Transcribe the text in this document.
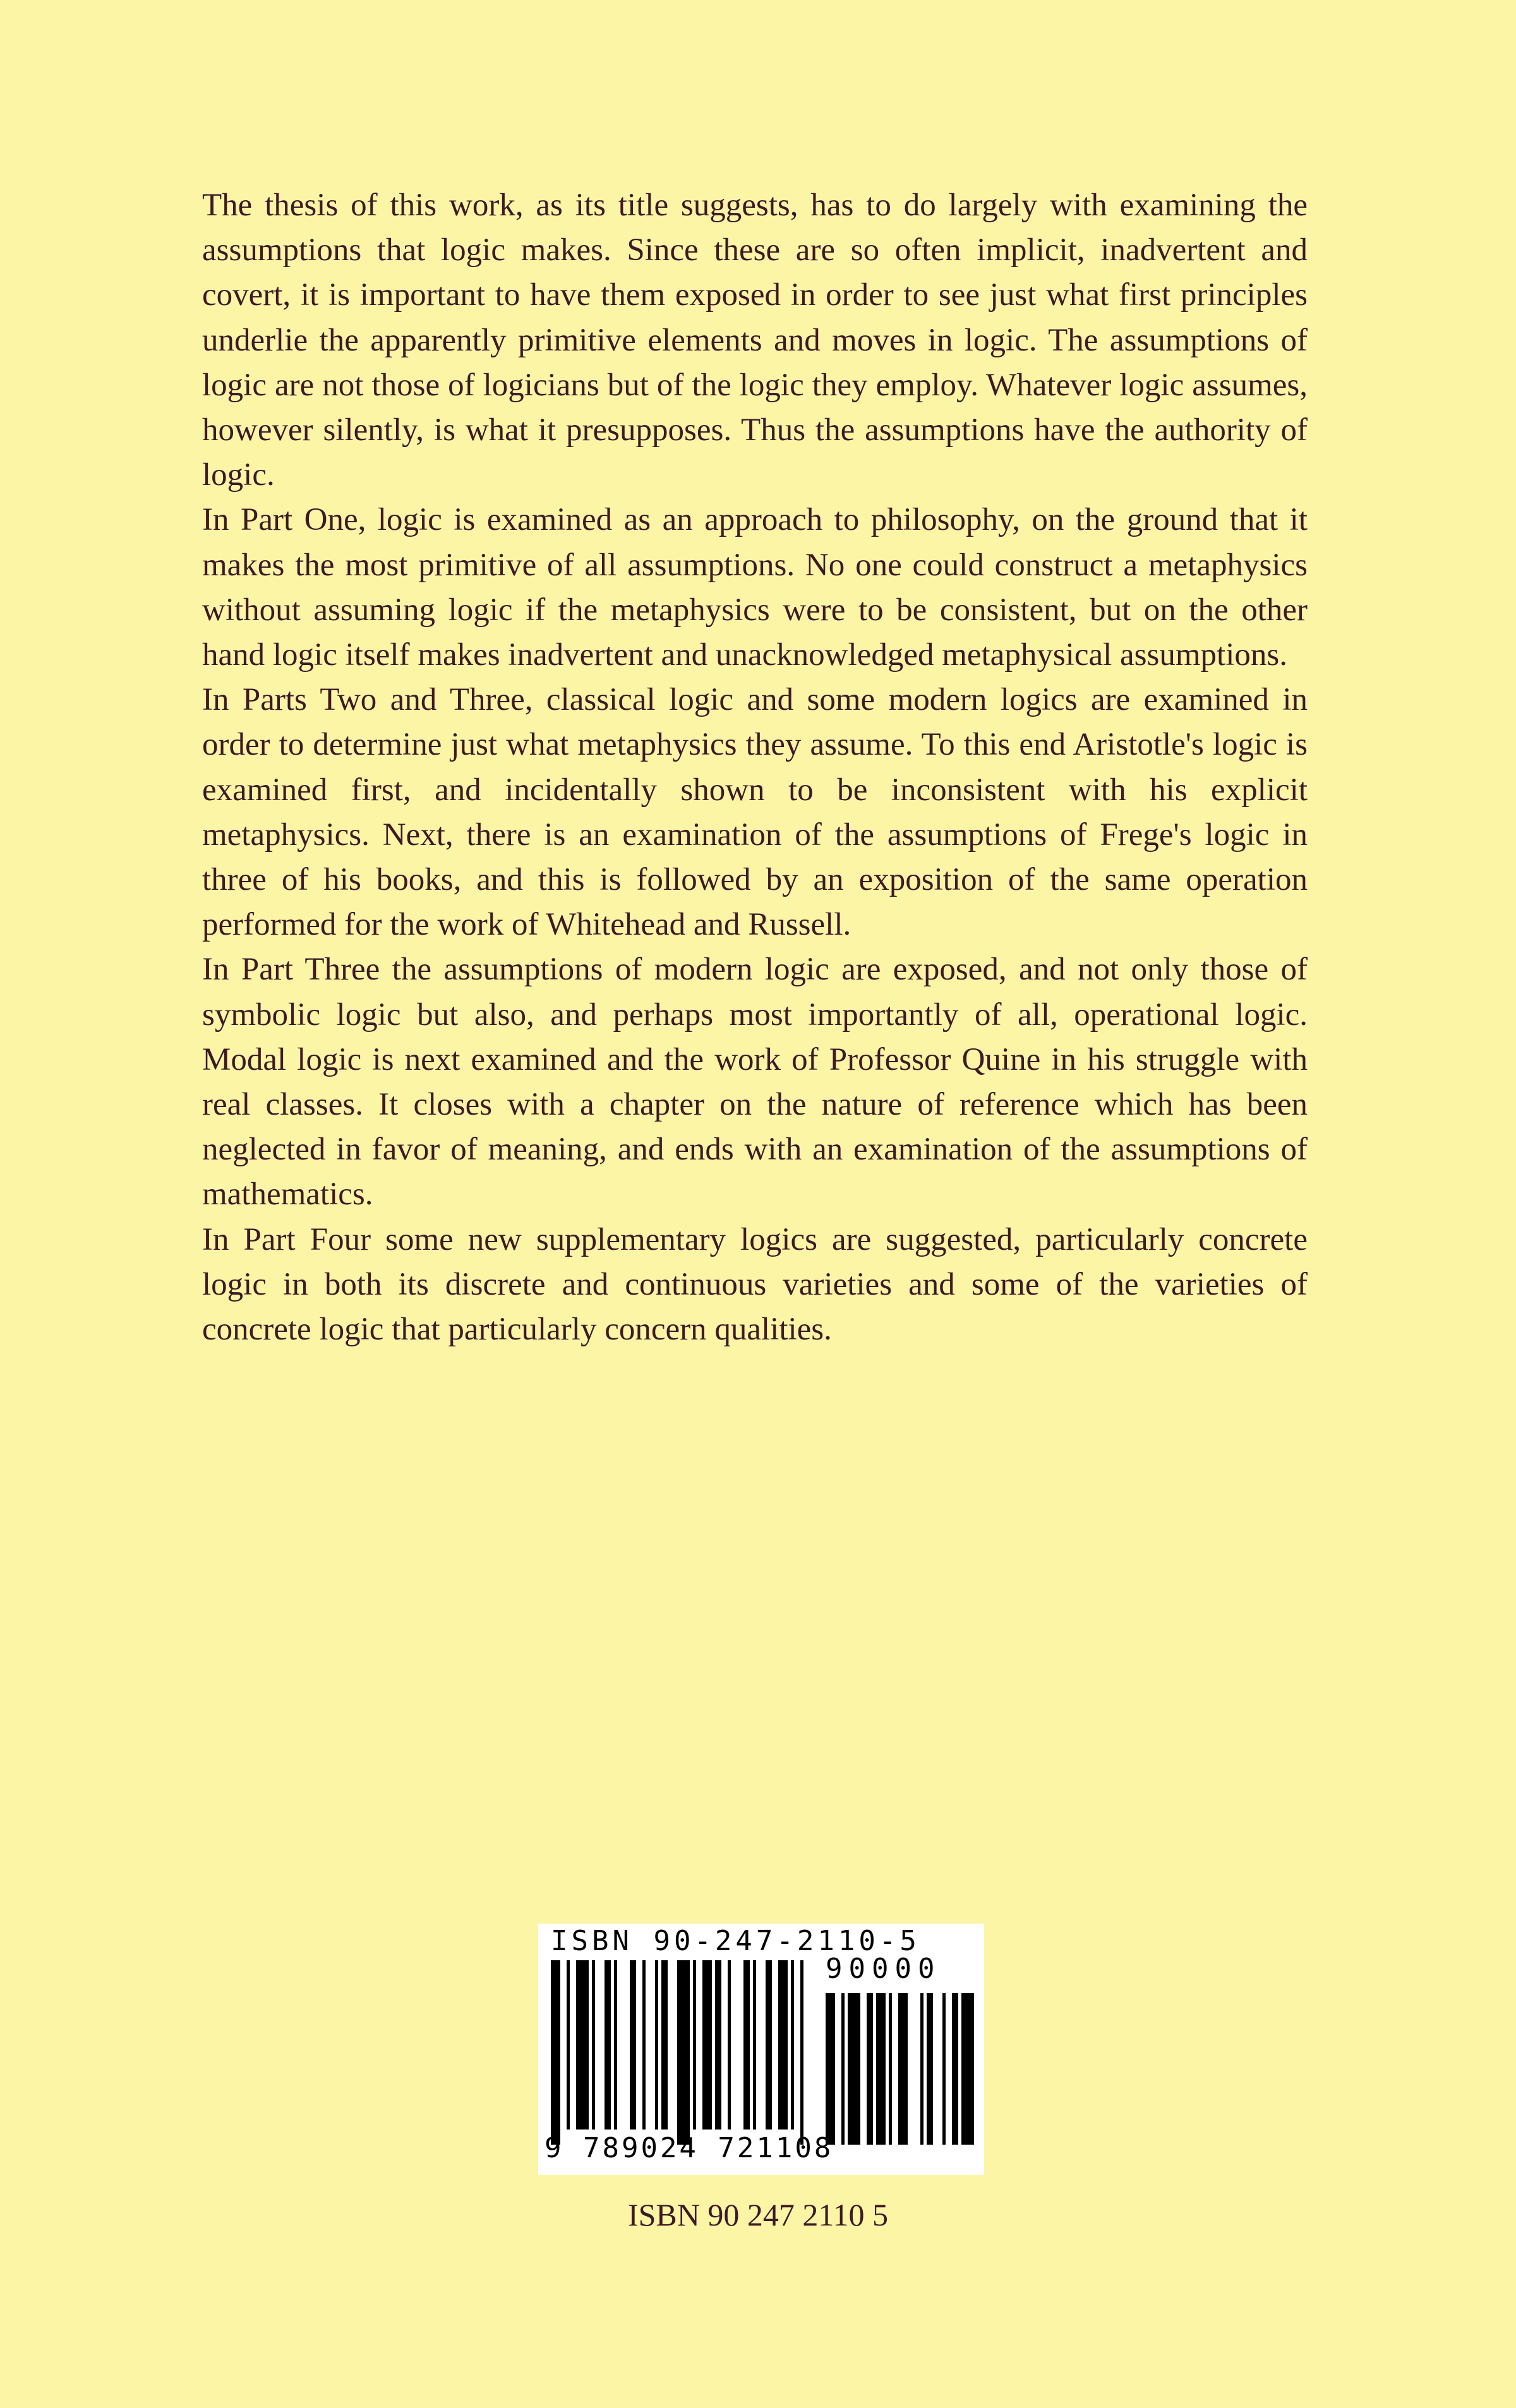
The thesis of this work, as its title suggests, has to do largely with examining the assumptions that logic makes. Since these are so often implicit, inadvertent and covert, it is important to have them exposed in order to see just what first principles underlie the apparently primitive elements and moves in logic. The assumptions of logic are not those of logicians but of the logic they employ. Whatever logic assumes, however silently, is what it presupposes. Thus the assumptions have the authority of logic.

In Part One, logic is examined as an approach to philosophy, on the ground that it makes the most primitive of all assumptions. No one could construct a metaphysics without assuming logic if the metaphysics were to be consistent, but on the other hand logic itself makes inadvertent and unacknowledged metaphysical assumptions.

In Parts Two and Three, classical logic and some modern logics are examined in order to determine just what metaphysics they assume. To this end Aristotle's logic is examined first, and incidentally shown to be inconsistent with his explicit metaphysics. Next, there is an examination of the assumptions of Frege's logic in three of his books, and this is followed by an exposition of the same operation performed for the work of Whitehead and Russell.

In Part Three the assumptions of modern logic are exposed, and not only those of symbolic logic but also, and perhaps most importantly of all, operational logic. Modal logic is next examined and the work of Professor Quine in his struggle with real classes. It closes with a chapter on the nature of reference which has been neglected in favor of meaning, and ends with an examination of the assumptions of mathematics.

In Part Four some new supplementary logics are suggested, particularly concrete logic in both its discrete and continuous varieties and some of the varieties of concrete logic that particularly concern qualities.

ISBN 90-247-2110-5
90000
9 789024 721108
ISBN 90 247 2110 5
